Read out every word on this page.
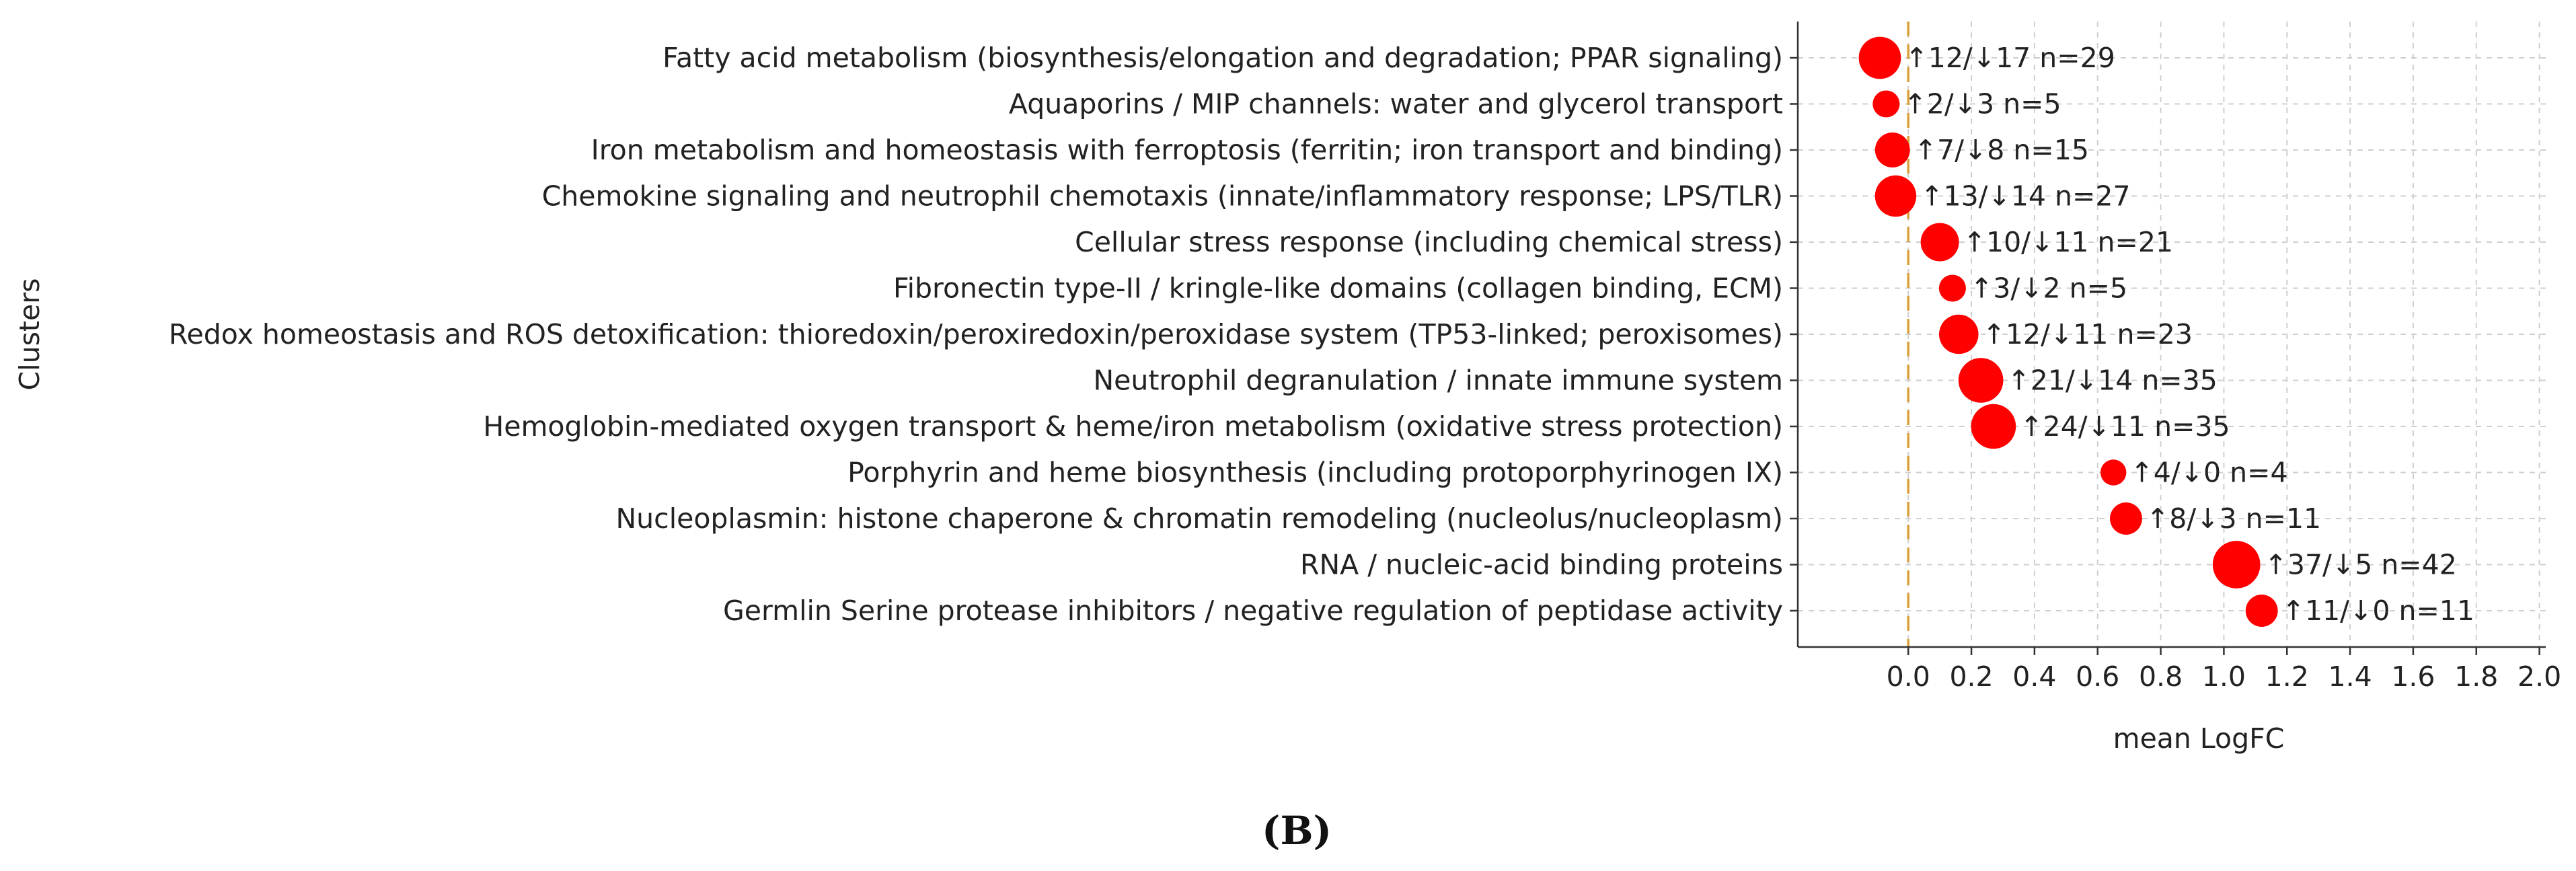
0.0 0.2 0.4 0.6 0.8 1.0 1.2 1.4 1.6 1.8 2.0
Fatty acid metabolism (biosynthesis/elongation and degradation; PPAR signaling)
Aquaporins / MIP channels: water and glycerol transport
Iron metabolism and homeostasis with ferroptosis (ferritin; iron transport and binding)
Chemokine signaling and neutrophil chemotaxis (innate/inflammatory response; LPS/TLR)
Cellular stress response (including chemical stress)
Fibronectin type-II / kringle-like domains (collagen binding, ECM)
Redox homeostasis and ROS detoxification: thioredoxin/peroxiredoxin/peroxidase system (TP53-linked; peroxisomes)
Neutrophil degranulation / innate immune system
Hemoglobin-mediated oxygen transport & heme/iron metabolism (oxidative stress protection)
Porphyrin and heme biosynthesis (including protoporphyrinogen IX)
Nucleoplasmin: histone chaperone & chromatin remodeling (nucleolus/nucleoplasm)
RNA / nucleic-acid binding proteins
Germlin Serine protease inhibitors / negative regulation of peptidase activity
↑12/↓17 n=29
↑2/↓3 n=5
↑7/↓8 n=15
↑13/↓14 n=27
↑10/↓11 n=21
↑3/↓2 n=5
↑12/↓11 n=23
↑21/↓14 n=35
↑24/↓11 n=35
↑4/↓0 n=4
↑8/↓3 n=11
↑37/↓5 n=42
↑11/↓0 n=11
mean LogFC
Clusters
(B)
